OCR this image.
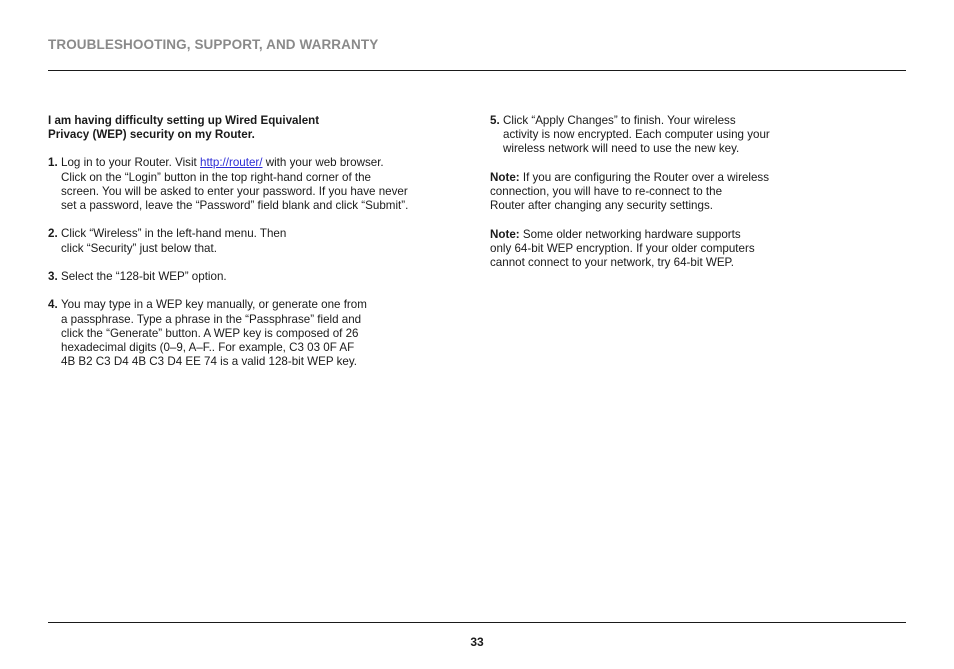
TROUBLESHOOTING, SUPPORT, AND WARRANTY
I am having difficulty setting up Wired Equivalent
Privacy (WEP) security on my Router.
1. Log in to your Router. Visit http://router/ with your web browser.
Click on the “Login” button in the top right-hand corner of the
screen. You will be asked to enter your password. If you have never
set a password, leave the “Password” field blank and click “Submit”.
2. Click “Wireless” in the left-hand menu. Then
click “Security” just below that.
3. Select the “128-bit WEP” option.
4. You may type in a WEP key manually, or generate one from
a passphrase. Type a phrase in the “Passphrase” field and
click the “Generate” button. A WEP key is composed of 26
hexadecimal digits (0–9, A–F.. For example, C3 03 0F AF
4B B2 C3 D4 4B C3 D4 EE 74 is a valid 128-bit WEP key.
5. Click “Apply Changes” to finish. Your wireless
activity is now encrypted. Each computer using your
wireless network will need to use the new key.
Note: If you are configuring the Router over a wireless
connection, you will have to re-connect to the
Router after changing any security settings.
Note: Some older networking hardware supports
only 64-bit WEP encryption. If your older computers
cannot connect to your network, try 64-bit WEP.
33
